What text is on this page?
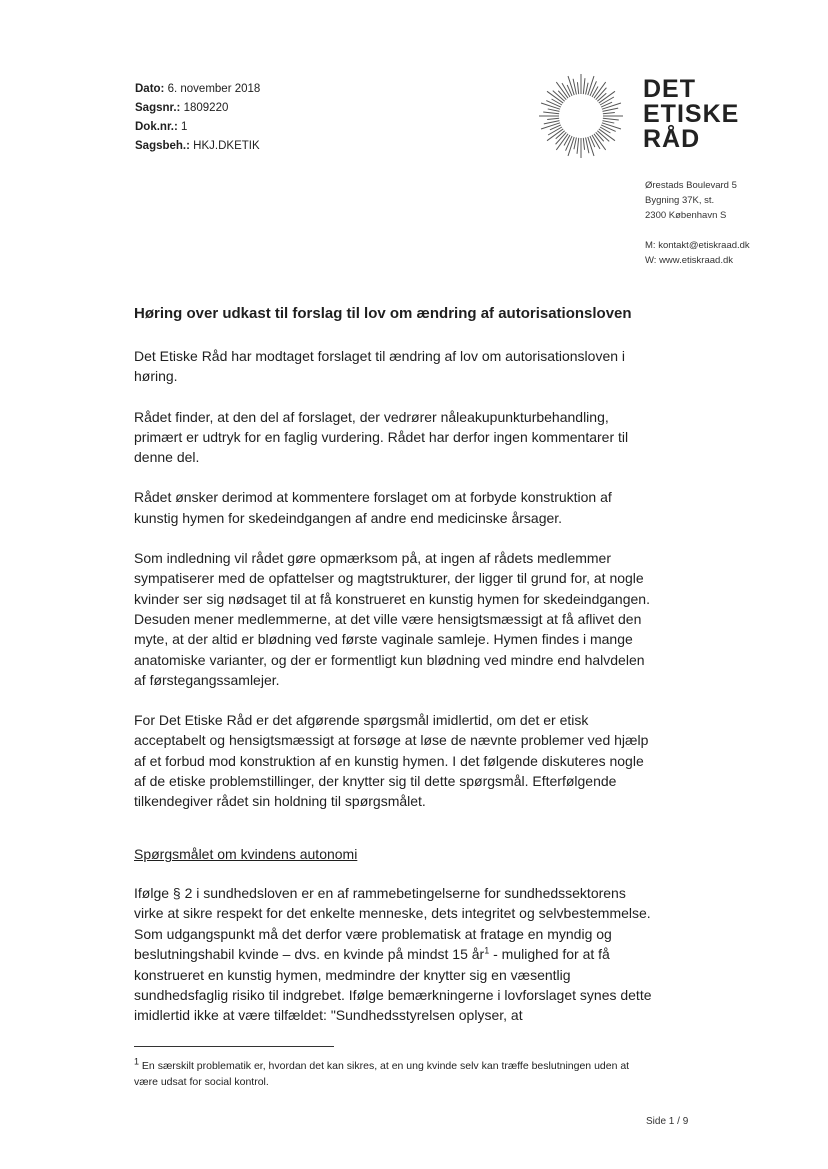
Dato: 6. november 2018
Sagsnr.: 1809220
Dok.nr.: 1
Sagsbeh.: HKJ.DKETIK
DET
ETISKE
RÅD
Ørestads Boulevard 5
Bygning 37K, st.
2300 København S
M: kontakt@etiskraad.dk
W: www.etiskraad.dk
Høring over udkast til forslag til lov om ændring af autorisationsloven

Det Etiske Råd har modtaget forslaget til ændring af lov om autorisationsloven i høring.

Rådet finder, at den del af forslaget, der vedrører nåleakupunkturbehandling, primært er udtryk for en faglig vurdering. Rådet har derfor ingen kommentarer til denne del.

Rådet ønsker derimod at kommentere forslaget om at forbyde konstruktion af kunstig hymen for skedeindgangen af andre end medicinske årsager.

Som indledning vil rådet gøre opmærksom på, at ingen af rådets medlemmer sympatiserer med de opfattelser og magtstrukturer, der ligger til grund for, at nogle kvinder ser sig nødsaget til at få konstrueret en kunstig hymen for skedeindgangen. Desuden mener medlemmerne, at det ville være hensigtsmæssigt at få aflivet den myte, at der altid er blødning ved første vaginale samleje. Hymen findes i mange anatomiske varianter, og der er formentligt kun blødning ved mindre end halvdelen af førstegangssamlejer.

For Det Etiske Råd er det afgørende spørgsmål imidlertid, om det er etisk acceptabelt og hensigtsmæssigt at forsøge at løse de nævnte problemer ved hjælp af et forbud mod konstruktion af en kunstig hymen. I det følgende diskuteres nogle af de etiske problemstillinger, der knytter sig til dette spørgsmål. Efterfølgende tilkendegiver rådet sin holdning til spørgsmålet.

Spørgsmålet om kvindens autonomi

Ifølge § 2 i sundhedsloven er en af rammebetingelserne for sundhedssektorens virke at sikre respekt for det enkelte menneske, dets integritet og selvbestemmelse. Som udgangspunkt må det derfor være problematisk at fratage en myndig og beslutningshabil kvinde – dvs. en kvinde på mindst 15 $år^1$ - mulighed for at få konstrueret en kunstig hymen, medmindre der knytter sig en væsentlig sundhedsfaglig risiko til indgrebet. Ifølge bemærkningerne i lovforslaget synes dette imidlertid ikke at være tilfældet: "Sundhedsstyrelsen oplyser, at

$^1$ En særskilt problematik er, hvordan det kan sikres, at en ung kvinde selv kan træffe beslutningen uden at være udsat for social kontrol.
Side 1 / 9
